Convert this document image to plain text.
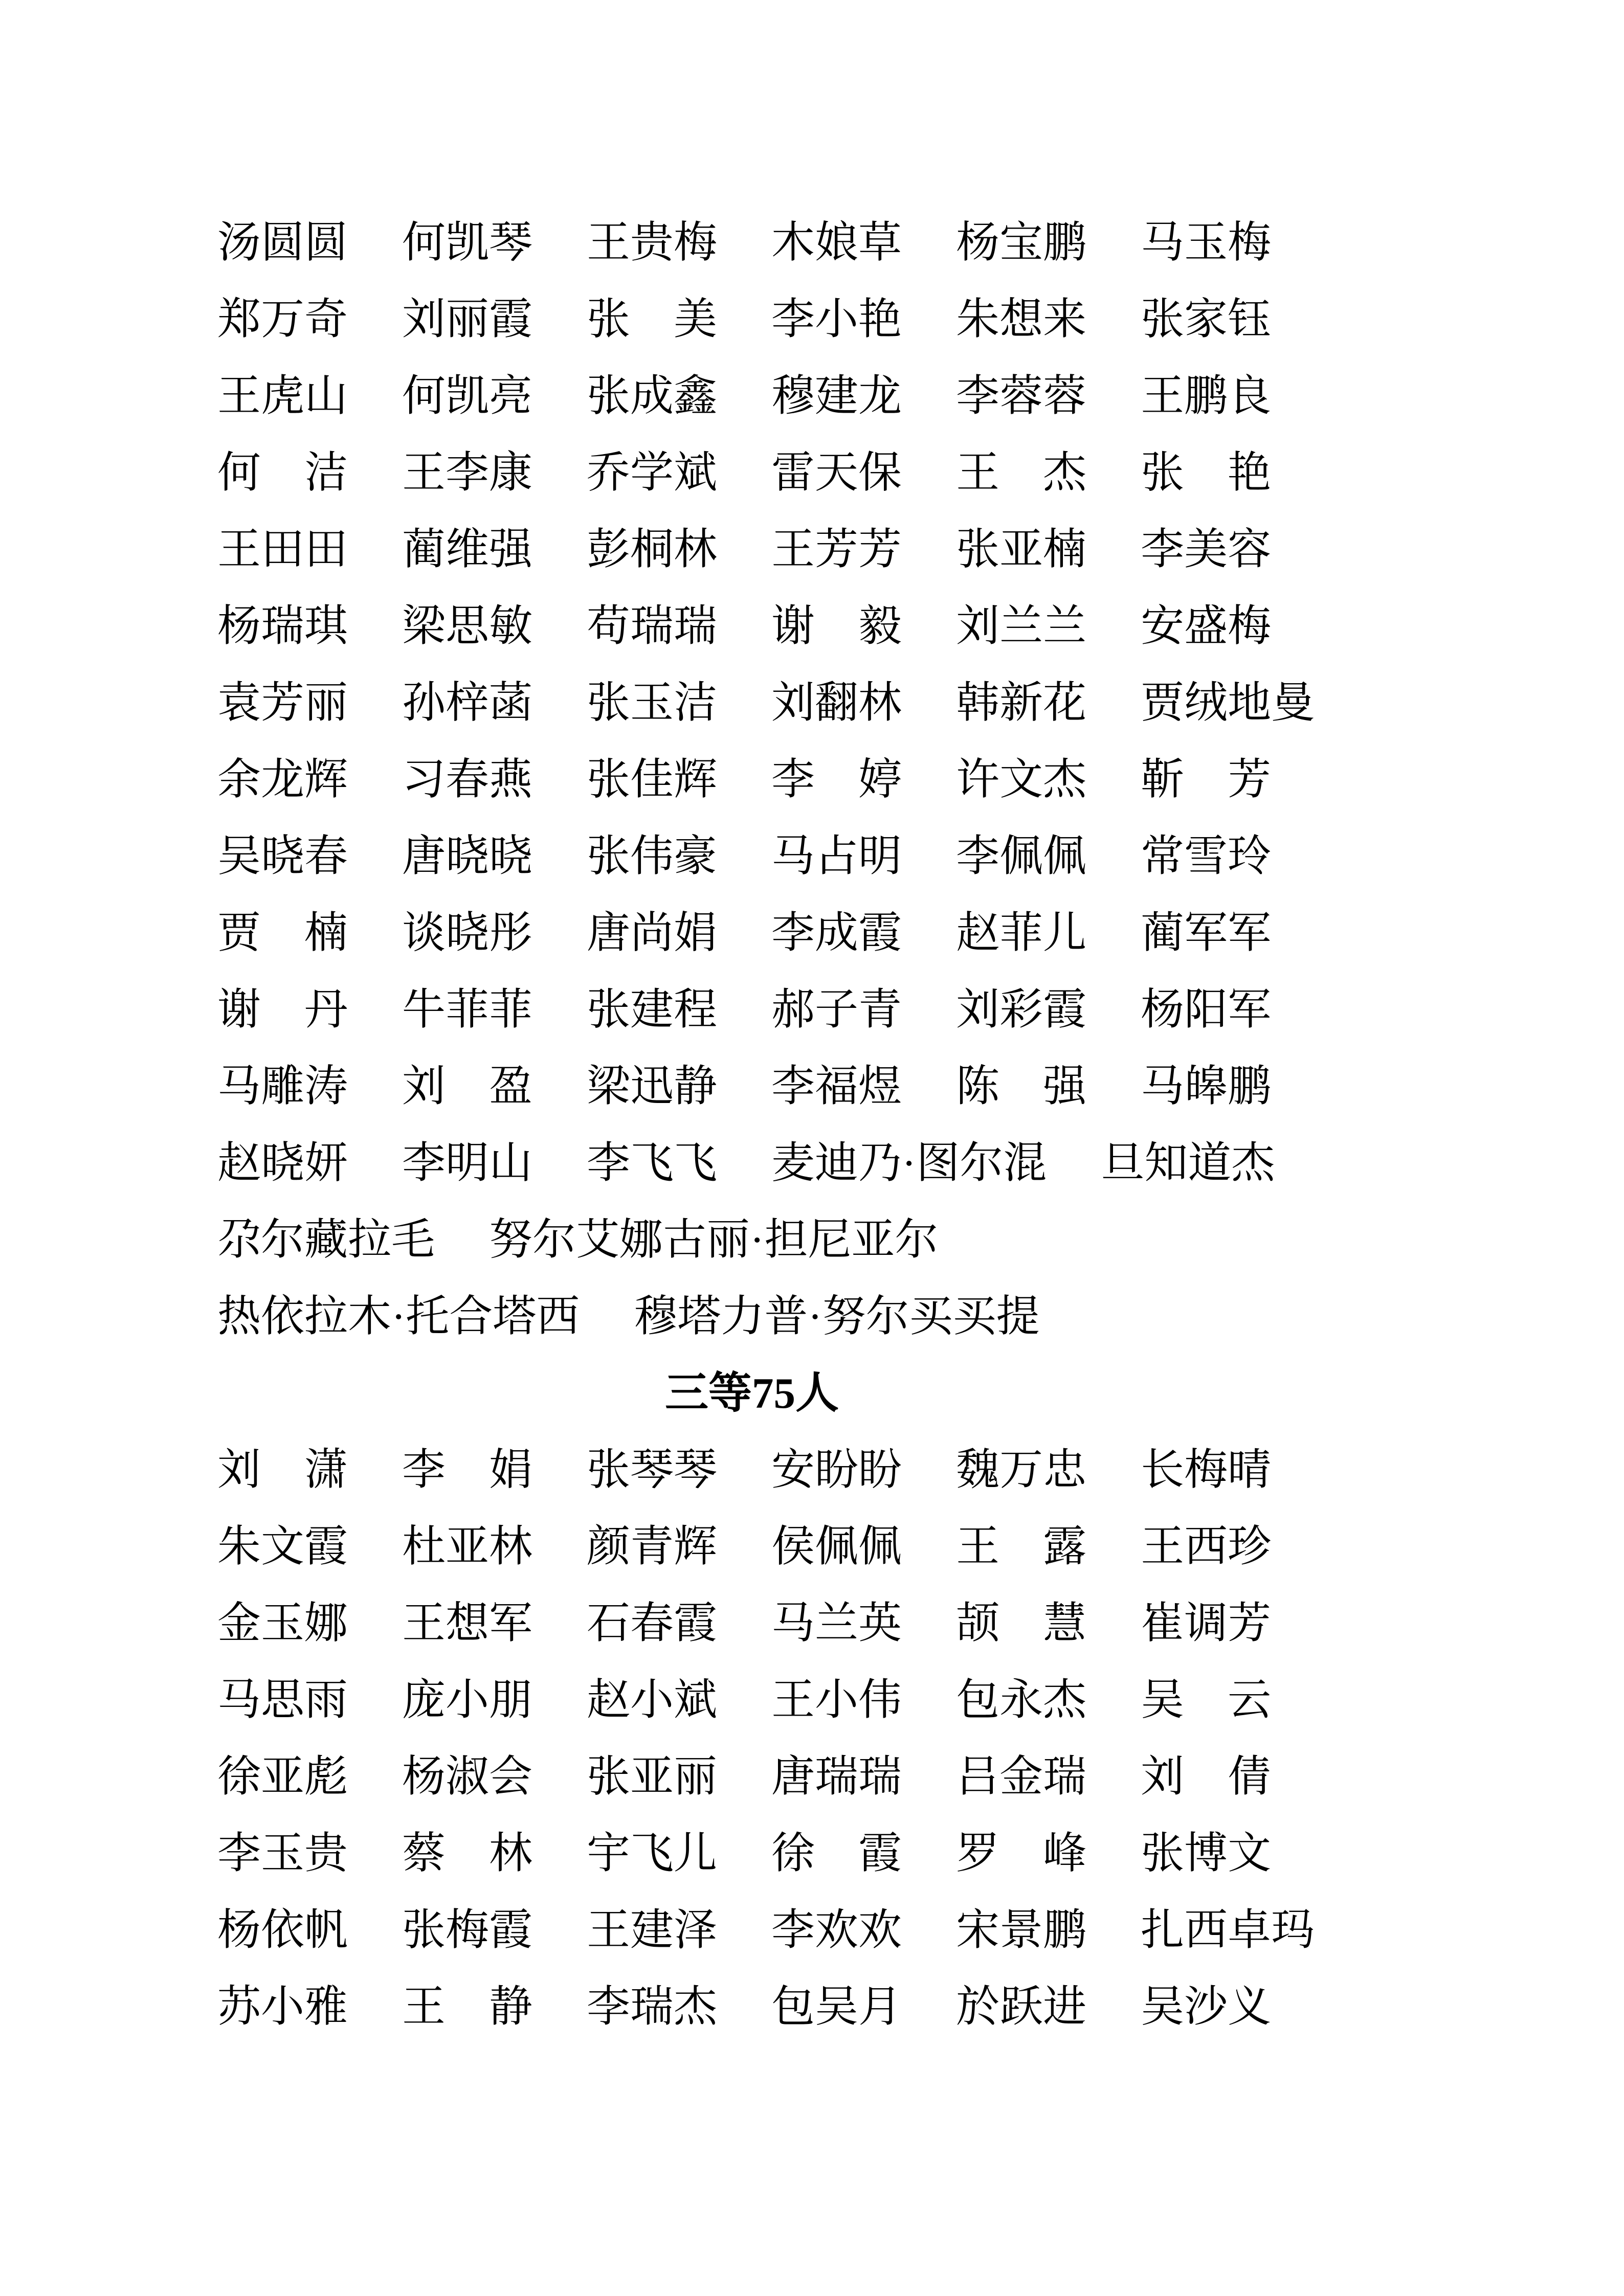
汤圆圆 何凯琴 王贵梅 木娘草 杨宝鹏 马玉梅
郑万奇 刘丽霞 张　美 李小艳 朱想来 张家钰
王虎山 何凯亮 张成鑫 穆建龙 李蓉蓉 王鹏良
何　洁 王李康 乔学斌 雷天保 王　杰 张　艳
王田田 蔺维强 彭桐林 王芳芳 张亚楠 李美容
杨瑞琪 梁思敏 苟瑞瑞 谢　毅 刘兰兰 安盛梅
袁芳丽 孙梓菡 张玉洁 刘翻林 韩新花 贾绒地曼
余龙辉 习春燕 张佳辉 李　婷 许文杰 靳　芳
吴晓春 唐晓晓 张伟豪 马占明 李佩佩 常雪玲
贾　楠 谈晓彤 唐尚娟 李成霞 赵菲儿 蔺军军
谢　丹 牛菲菲 张建程 郝子青 刘彩霞 杨阳军
马雕涛 刘　盈 梁迅静 李福煜 陈　强 马皞鹏
赵晓妍 李明山 李飞飞 麦迪乃·图尔混 旦知道杰
尕尔藏拉毛 努尔艾娜古丽·担尼亚尔
热依拉木·托合塔西 穆塔力普·努尔买买提
三等75人
刘　潇 李　娟 张琴琴 安盼盼 魏万忠 长梅晴
朱文霞 杜亚林 颜青辉 侯佩佩 王　露 王西珍
金玉娜 王想军 石春霞 马兰英 颉　慧 崔调芳
马思雨 庞小朋 赵小斌 王小伟 包永杰 吴　云
徐亚彪 杨淑会 张亚丽 唐瑞瑞 吕金瑞 刘　倩
李玉贵 蔡　林 宇飞儿 徐　霞 罗　峰 张博文
杨依帆 张梅霞 王建泽 李欢欢 宋景鹏 扎西卓玛
苏小雅 王　静 李瑞杰 包吴月 於跃进 吴沙义
